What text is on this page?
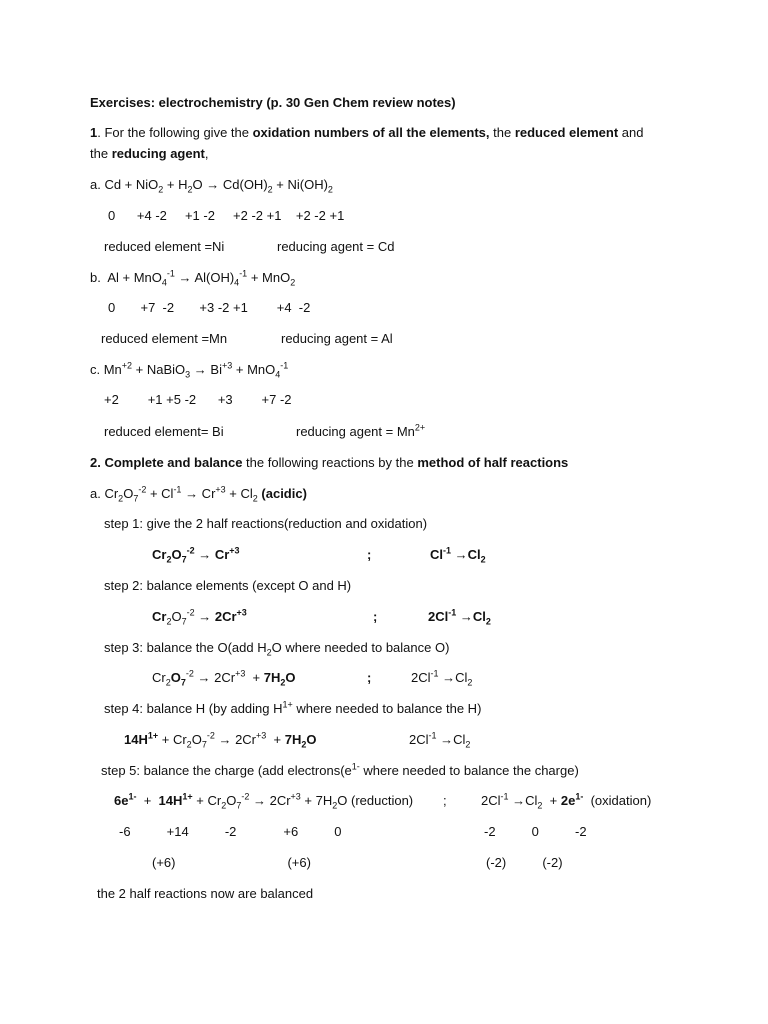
Exercises: electrochemistry (p. 30 Gen Chem review notes)
1. For the following give the oxidation numbers of all the elements, the reduced element and
the reducing agent,
a. $Cd + NiO_2 + H_2O \to Cd(OH)_2 + Ni(OH)_2$
0      +4 -2     +1 -2     +2 -2 +1    +2 -2 +1
reduced element =Ni	reducing agent = Cd
b.  $Al + MnO_4^{-1} \to Al(OH)_4^{-1} + MnO_2$
0       +7  -2       +3 -2 +1        +4  -2
reduced element =Mn	reducing agent = Al
c. $Mn^{+2}$ + NaBiO$_3$ → $Bi^{+3} + MnO_4^{-1}$
+2        +1 +5 -2      +3        +7 -2
reduced element= Bi	reducing agent = $Mn^{2+}$
2. Complete and balance the following reactions by the method of half reactions
a. $Cr_2O_7^{-2} + Cl^{-1} \to Cr^{+3} + Cl_2$ (acidic)
step 1: give the 2 half reactions(reduction and oxidation)
$Cr_2O_7^{-2} \to Cr^{+3}$	;	$Cl^{-1} \to Cl_2$
step 2: balance elements (except O and H)
$Cr_2O_7^{-2} \to 2Cr^{+3}$	;	$2Cl^{-1} \to Cl_2$
step 3: balance the O(add $H_2O$ where needed to balance O)
$Cr_2O_7^{-2} \to 2Cr^{+3} + 7H_2O$	;	$2Cl^{-1} \to Cl_2$
step 4: balance H (by adding $H^{1+}$ where needed to balance the H)
$14H^{1+} + Cr_2O_7^{-2} \to 2Cr^{+3} + 7H_2O$	$2Cl^{-1} \to Cl_2$
step 5: balance the charge (add $electrons(e^{1-}$ where needed to balance the charge)
$6e^{1-} + 14H^{1+} + Cr_2O_7^{-2} \to 2Cr^{+3} + 7H_2O$ (reduction) ;	$2Cl^{-1} \to Cl_2 + 2e^{1-}$ (oxidation)
-6          +14          -2             +6          0	-2          0          -2
(+6)                               (+6)	(-2)          (-2)
the 2 half reactions now are balanced
